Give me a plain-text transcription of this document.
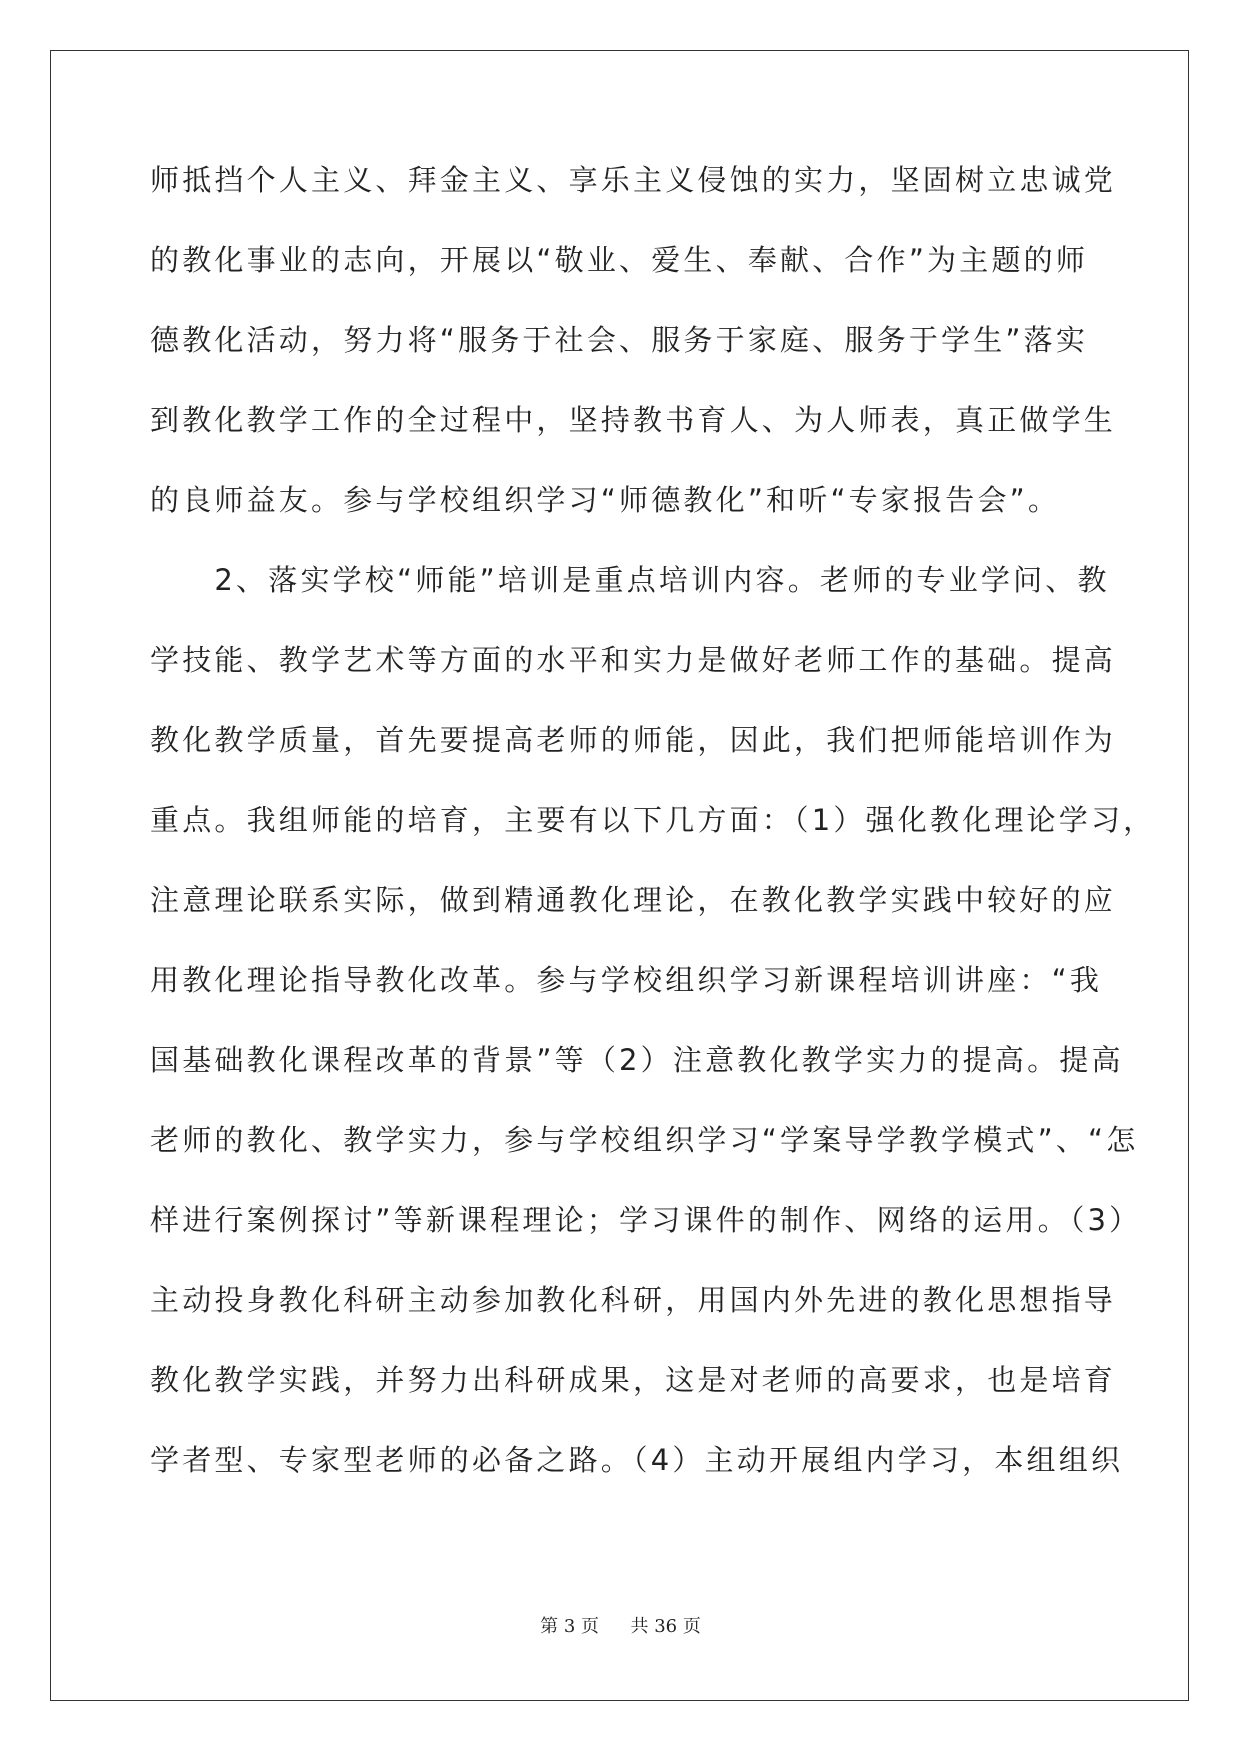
师抵挡个人主义、拜金主义、享乐主义侵蚀的实力，坚固树立忠诚党
的教化事业的志向，开展以“敬业、爱生、奉献、合作”为主题的师
德教化活动，努力将“服务于社会、服务于家庭、服务于学生”落实
到教化教学工作的全过程中，坚持教书育人、为人师表，真正做学生
的良师益友。参与学校组织学习“师德教化”和听“专家报告会”。
　　2、落实学校“师能”培训是重点培训内容。老师的专业学问、教
学技能、教学艺术等方面的水平和实力是做好老师工作的基础。提高
教化教学质量，首先要提高老师的师能，因此，我们把师能培训作为
重点。我组师能的培育，主要有以下几方面：（1）强化教化理论学习，
注意理论联系实际，做到精通教化理论，在教化教学实践中较好的应
用教化理论指导教化改革。参与学校组织学习新课程培训讲座：“我
国基础教化课程改革的背景”等（2）注意教化教学实力的提高。提高
老师的教化、教学实力，参与学校组织学习“学案导学教学模式”、“怎
样进行案例探讨”等新课程理论；学习课件的制作、网络的运用。（3）
主动投身教化科研主动参加教化科研，用国内外先进的教化思想指导
教化教学实践，并努力出科研成果，这是对老师的高要求，也是培育
学者型、专家型老师的必备之路。（4）主动开展组内学习，本组组织
第 3 页 共 36 页
